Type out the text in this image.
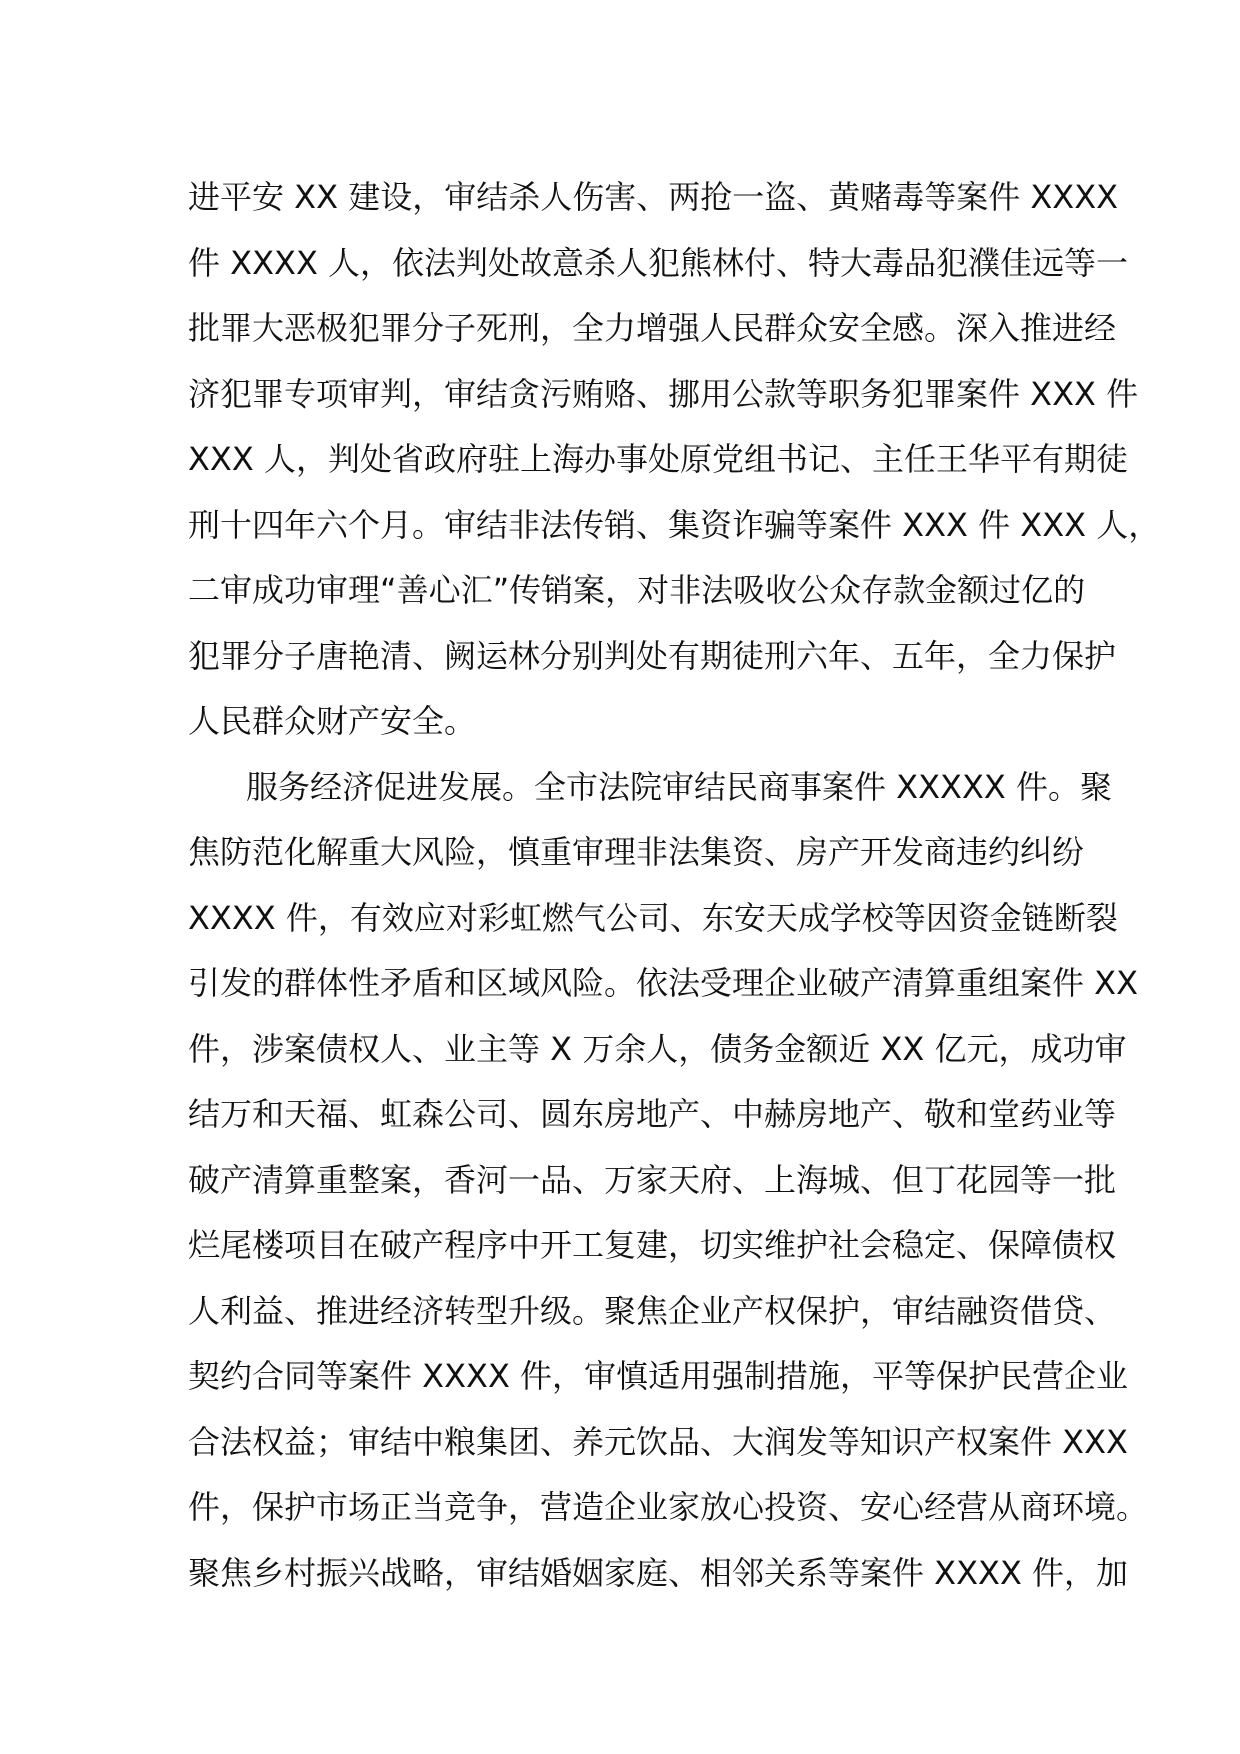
进平安 XX 建设，审结杀人伤害、两抢一盗、黄赌毒等案件 XXXX
件 XXXX 人，依法判处故意杀人犯熊林付、特大毒品犯濮佳远等一
批罪大恶极犯罪分子死刑，全力增强人民群众安全感。深入推进经
济犯罪专项审判，审结贪污贿赂、挪用公款等职务犯罪案件 XXX 件
XXX 人，判处省政府驻上海办事处原党组书记、主任王华平有期徒
刑十四年六个月。审结非法传销、集资诈骗等案件 XXX 件 XXX 人，
二审成功审理“善心汇”传销案，对非法吸收公众存款金额过亿的
犯罪分子唐艳清、阙运林分别判处有期徒刑六年、五年，全力保护
人民群众财产安全。
服务经济促进发展。全市法院审结民商事案件 XXXXX 件。聚
焦防范化解重大风险，慎重审理非法集资、房产开发商违约纠纷
XXXX 件，有效应对彩虹燃气公司、东安天成学校等因资金链断裂
引发的群体性矛盾和区域风险。依法受理企业破产清算重组案件 XX
件，涉案债权人、业主等 X 万余人，债务金额近 XX 亿元，成功审
结万和天福、虹森公司、圆东房地产、中赫房地产、敬和堂药业等
破产清算重整案，香河一品、万家天府、上海城、但丁花园等一批
烂尾楼项目在破产程序中开工复建，切实维护社会稳定、保障债权
人利益、推进经济转型升级。聚焦企业产权保护，审结融资借贷、
契约合同等案件 XXXX 件，审慎适用强制措施，平等保护民营企业
合法权益；审结中粮集团、养元饮品、大润发等知识产权案件 XXX
件，保护市场正当竞争，营造企业家放心投资、安心经营从商环境。
聚焦乡村振兴战略，审结婚姻家庭、相邻关系等案件 XXXX 件，加
